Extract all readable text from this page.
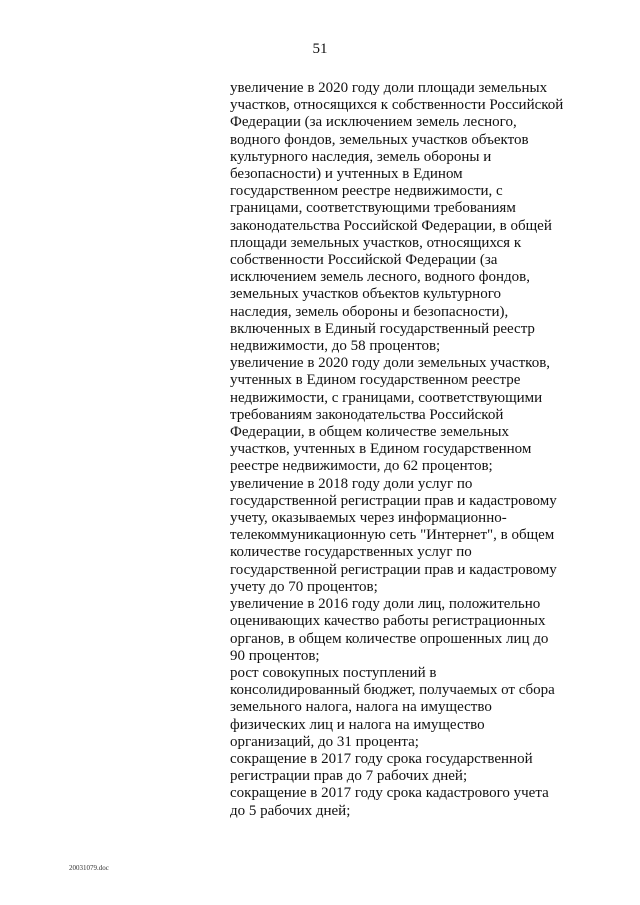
51
увеличение в 2020 году доли площади земельных
участков, относящихся к собственности Российской
Федерации (за исключением земель лесного,
водного фондов, земельных участков объектов
культурного наследия, земель обороны и
безопасности) и учтенных в Едином
государственном реестре недвижимости, с
границами, соответствующими требованиям
законодательства Российской Федерации, в общей
площади земельных участков, относящихся к
собственности Российской Федерации (за
исключением земель лесного, водного фондов,
земельных участков объектов культурного
наследия, земель обороны и безопасности),
включенных в Единый государственный реестр
недвижимости, до 58 процентов;
увеличение в 2020 году доли земельных участков,
учтенных в Едином государственном реестре
недвижимости, с границами, соответствующими
требованиям законодательства Российской
Федерации, в общем количестве земельных
участков, учтенных в Едином государственном
реестре недвижимости, до 62 процентов;
увеличение в 2018 году доли услуг по
государственной регистрации прав и кадастровому
учету, оказываемых через информационно-
телекоммуникационную сеть "Интернет", в общем
количестве государственных услуг по
государственной регистрации прав и кадастровому
учету до 70 процентов;
увеличение в 2016 году доли лиц, положительно
оценивающих качество работы регистрационных
органов, в общем количестве опрошенных лиц до
90 процентов;
рост совокупных поступлений в
консолидированный бюджет, получаемых от сбора
земельного налога, налога на имущество
физических лиц и налога на имущество
организаций, до 31 процента;
сокращение в 2017 году срока государственной
регистрации прав до 7 рабочих дней;
сокращение в 2017 году срока кадастрового учета
до 5 рабочих дней;
20031079.doc
